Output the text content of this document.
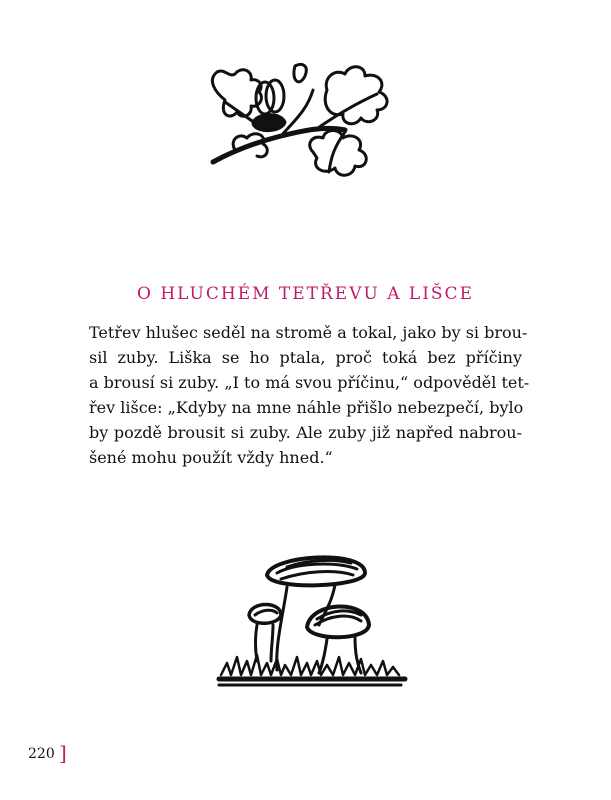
O HLUCHÉM TETŘEVU A LIŠCE
Tetřev hlušec seděl na stromě a tokal, jako by si brou-
sil zuby. Liška se ho ptala, proč toká bez příčiny
a brousí si zuby. „I to má svou příčinu,“ odpověděl tet-
řev lišce: „Kdyby na mne náhle přišlo nebezpečí, bylo
by pozdě brousit si zuby. Ale zuby již napřed nabrou-
šené mohu použít vždy hned.“
220 ]
